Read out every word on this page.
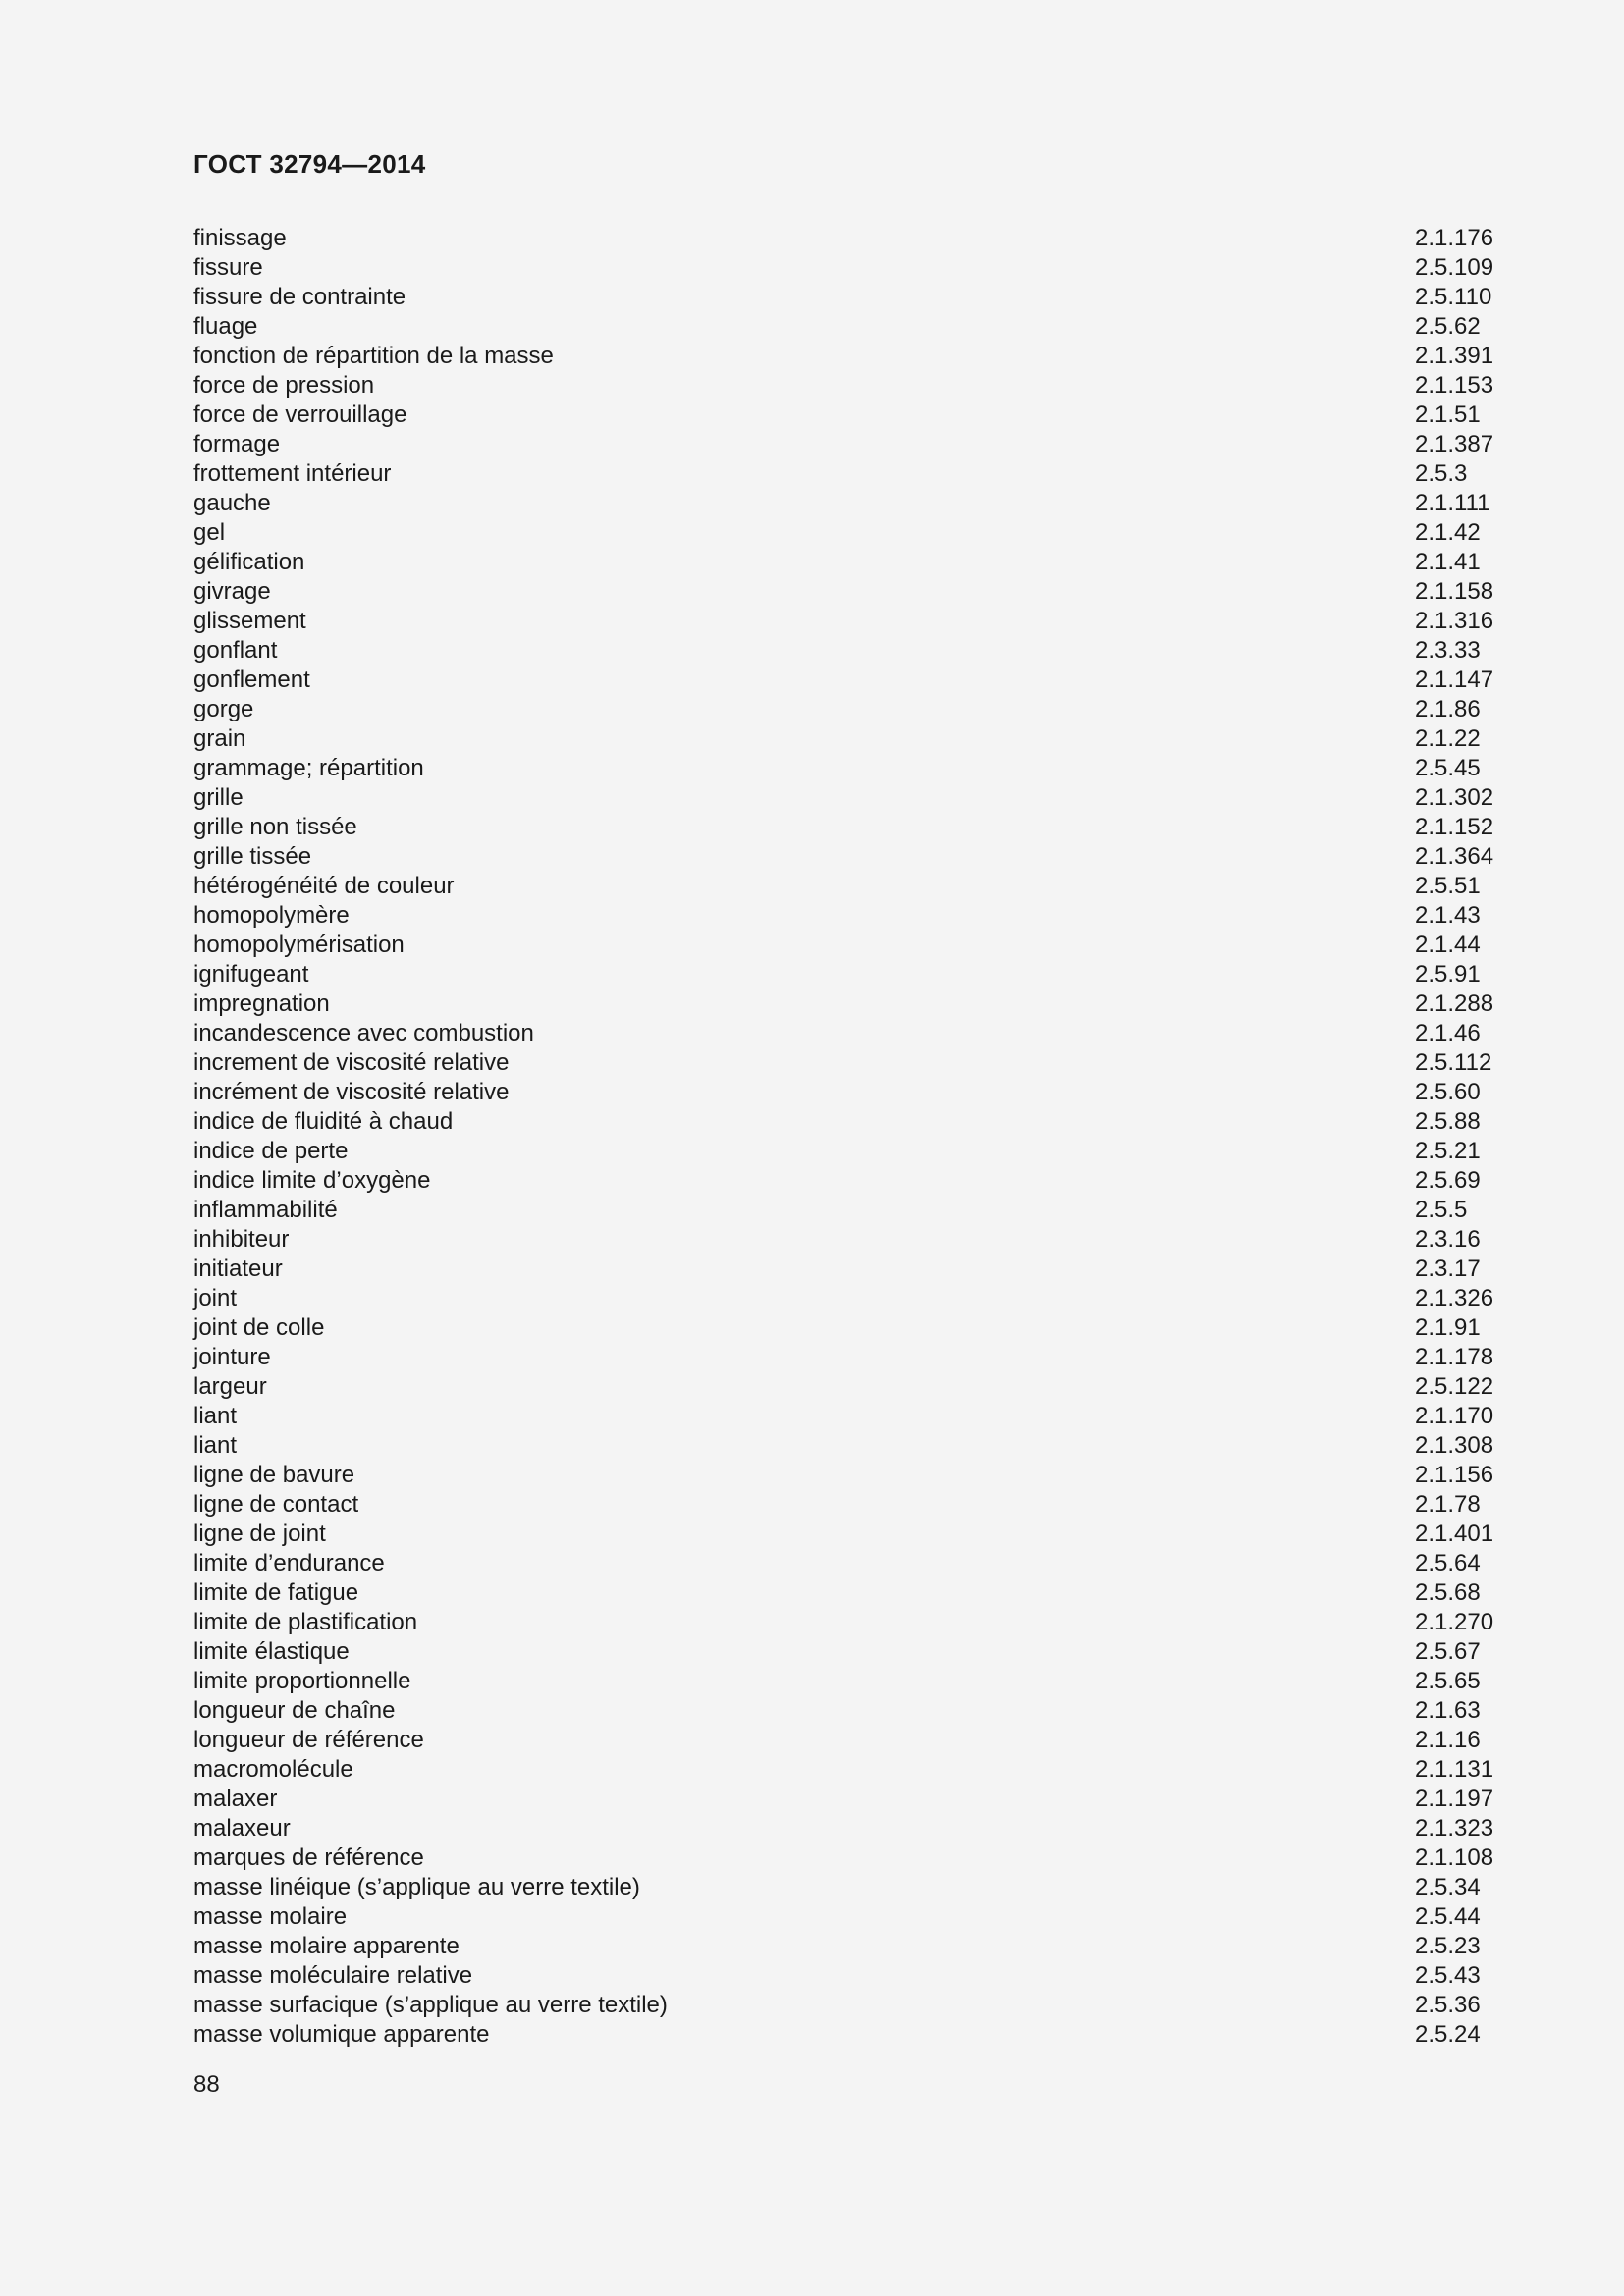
ГОСТ 32794—2014
finissage	2.1.176
fissure	2.5.109
fissure de contrainte	2.5.110
fluage	2.5.62
fonction de répartition de la masse	2.1.391
force de pression	2.1.153
force de verrouillage	2.1.51
formage	2.1.387
frottement intérieur	2.5.3
gauche	2.1.111
gel	2.1.42
gélification	2.1.41
givrage	2.1.158
glissement	2.1.316
gonflant	2.3.33
gonflement	2.1.147
gorge	2.1.86
grain	2.1.22
grammage; répartition	2.5.45
grille	2.1.302
grille non tissée	2.1.152
grille tissée	2.1.364
hétérogénéité de couleur	2.5.51
homopolymère	2.1.43
homopolymérisation	2.1.44
ignifugeant	2.5.91
impregnation	2.1.288
incandescence avec combustion	2.1.46
increment de viscosité relative	2.5.112
incrément de viscosité relative	2.5.60
indice de fluidité à chaud	2.5.88
indice de perte	2.5.21
indice limite d’oxygène	2.5.69
inflammabilité	2.5.5
inhibiteur	2.3.16
initiateur	2.3.17
joint	2.1.326
joint de colle	2.1.91
jointure	2.1.178
largeur	2.5.122
liant	2.1.170
liant	2.1.308
ligne de bavure	2.1.156
ligne de contact	2.1.78
ligne de joint	2.1.401
limite d’endurance	2.5.64
limite de fatigue	2.5.68
limite de plastification	2.1.270
limite élastique	2.5.67
limite proportionnelle	2.5.65
longueur de chaîne	2.1.63
longueur de référence	2.1.16
macromolécule	2.1.131
malaxer	2.1.197
malaxeur	2.1.323
marques de référence	2.1.108
masse linéique (s’applique au verre textile)	2.5.34
masse molaire	2.5.44
masse molaire apparente	2.5.23
masse moléculaire relative	2.5.43
masse surfacique (s’applique au verre textile)	2.5.36
masse volumique apparente	2.5.24
88
